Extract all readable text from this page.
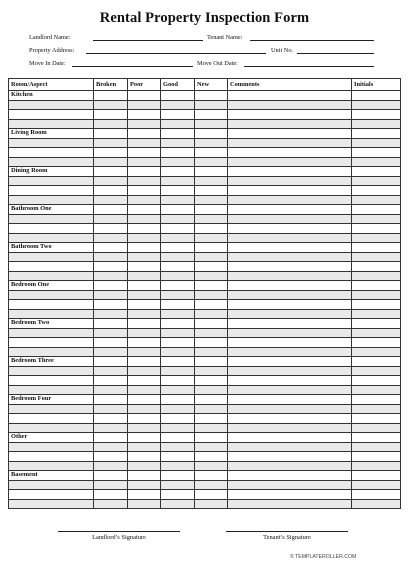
Rental Property Inspection Form
Landlord Name:	Tenant Name:
Property Address:	Unit No.
Move In Date:	Move Out Date:
Room/Aspect	Broken	Poor	Good	New	Comments	Initials
Kitchen						

Living Room						

Dining Room						

Bathroom One						

Bathroom Two						

Bedroom One						

Bedroom Two						

Bedroom Three						

Bedroom Four						

Other						

Basement						

Landlord’s Signature	Tenant’s Signature
©TEMPLATEROLLER.COM
